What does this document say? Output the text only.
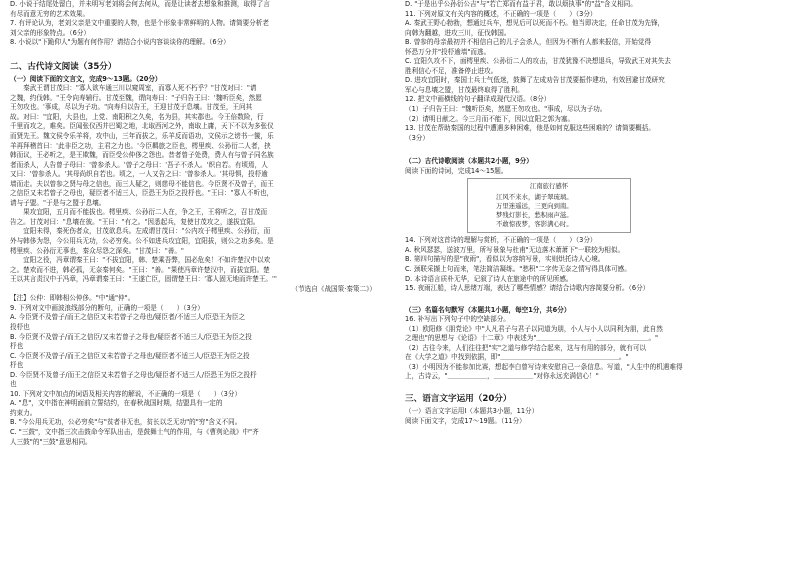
D. 小说于结尾处留白，并未明写老刘将会何去何从，而是让读者去想象和推测，取得了言
有尽而意无穷的艺术效果。
7. 有评论认为，老刘父亲是文中重要的人物，也是个形象非常鲜明的人物。请简要分析老
刘父亲的形象特点。（6分）
8. 小说以"下跪仰人"为题有何作用？请结合小说内容谈谈你的理解。（6分）
二、古代诗文阅读（35分）
（一）阅读下面的文言文，完成9～13题。（20分）
　　秦武王谓甘茂曰："寡人欲车通三川以窥周室，而寡人死不朽乎？"甘茂对曰："请
之魏，约伐韩。"王令向寿辅行。甘茂至魏，谓向寿曰："子归告王曰：'魏听臣矣，然愿
王勿攻也。'事成，尽以为子功。"向寿归以告王，王迎甘茂于息壤。甘茂至，王问其
故。对曰："宜阳，大县也，上党、南阳积之久矣，名为县，其实郡也。今王倍数险，行
千里而攻之，难矣。臣闻张仪西并巴蜀之地，北取西河之外，南取上庸，天下不以为多张仪
而贤先王。魏文侯令乐羊将，攻中山，三年而拔之，乐羊反而语功，文侯示之谤书一箧，乐
羊再拜稽首曰：'此非臣之功，主君之力也。'今臣羁旅之臣也，樗里疾、公孙衍二人者，挟
韩而议，王必听之，是王欺魏，而臣受公仲侈之怨也。昔者曾子处费，费人有与曾子同名族
者而杀人，人告曾子母曰：'曾参杀人。'曾子之母曰：'吾子不杀人。'织自若。有顷焉，人
又曰：'曾参杀人。'其母尚织自若也。顷之，一人又告之曰：'曾参杀人。'其母惧，投杼逾
墙而走。夫以曾参之贤与母之信也，而三人疑之，则慈母不能信也。今臣贤不及曾子，而王
之信臣又未若曾子之母也，疑臣者不适三人，臣恐王为臣之投杼也。"王曰："寡人不听也，
请与子盟。"于是与之盟于息壤。
　　果攻宜阳，五月而不能拔也。樗里疾、公孙衍二人在，争之王，王将听之，召甘茂而
告之。甘茂对曰："息壤在彼。"王曰："有之。"因悉起兵，复使甘茂攻之，遂拔宜阳。
　　宜阳未得，秦死伤者众，甘茂欲息兵。左成谓甘茂曰："公内攻于樗里疾、公孙衍，而
外与韩侈为怨，今公用兵无功，公必穷矣。公不如进兵攻宜阳，宜阳拔，则公之功多矣。是
樗里疾、公孙衍无事也，秦众尽怨之深矣。"甘茂曰："善。"
　　宜阳之役，冯章谓秦王曰："不拔宜阳，韩、楚乘吾弊，国必危矣！不如许楚汉中以欢
之。楚欢而不进，韩必孤，无奈秦何矣。"王曰："善。"果使冯章许楚汉中，而拔宜阳。楚
王以其言责汉中于冯章，冯章谓秦王曰："王遂亡臣，固谓楚王曰：'寡人固无地而许楚王。'"
（节选自《战国策·秦策二》）
【注】公仲：即韩相公仲侈。"中"通"仲"。
9. 下列对文中画波浪线部分的断句，正确的一项是（　　）（3分）
A. 今臣贤不及曾子/而王之信臣又未若曾子之母也/疑臣者/不适三人/臣恐王为臣之
投杼也
B. 今臣贤不及曾子/而王之信臣/又未若曾子之母也/疑臣者不适三人/臣恐王为臣之投
杼也
C. 今臣贤不及曾子/而王之信臣又未若曾子之母也/疑臣者不适三人/臣恐王为臣之投
杼也
D. 今臣贤不及曾子/而王之信臣又未若曾子之母也/疑臣者不适三人/臣恐王为臣之投杼
也
10. 下列对文中加点的词语及相关内容的解说，不正确的一项是（　　）（3分）
A. "息"，文中指在神明面前立誓结约，在春秋战国时期，结盟具有一定的
约束力。
B. "今公用兵无功，公必穷矣"与"贫者非无也，贫长以乏无功"的"穷"含义不同。
C. "三鼓"，文中指三次击鼓命令军队出击，是鼓舞士气的作用，与《曹刿论战》中"齐
人三鼓"的"三鼓"意思相同。
D. "于是出乎公孙衍公吉"与"若亡郑而有益于君，敢以烦执事"的"益"含义相同。
11. 下列对原文有关内容的概述，不正确的一项是（　　）（3分）
A. 秦武王野心勃勃，想通过兵车，想见后可以死而不朽。他当即决定，任命甘茂为先锋，
向韩为翻越，进攻三川，征伐韩国。
B. 曾参的母亲最初并不相信自己的儿子会杀人，但因为不断有人都来报信，开始觉得
怀恐万分并"投杼逾墙"而逃。
C. 宜阳久攻不下，面樗里疾、公孙衍二人的攻击，甘茂犹豫不决想退兵，导致武王对其失去
胜利信心不足，准备停止进攻。
D. 进攻宜阳时，秦国士兵士气低迷，鼓舞了左成劝告甘茂要振作建功，有效回避甘茂研究
军心与息壤之盟，甘茂最终取得了胜利。
12. 把文中画横线的句子翻译成现代汉语。（8分）
（1）子归告王曰："魏听臣矣，然愿王勿攻也。"事成，尽以为子功。
（2）请明日献之。今三月而不能下，因以宜阳之郭为塞。
13. 甘茂在帮助秦国的过程中遭遇多种困难，他是如何克服这些困难的？请简要概括。
（3分）
（二）古代诗歌阅读（本题共2小题，9分）
阅读下面的诗词，完成14～15题。
江南旅行感怀
江风不来水，湖子翠琉璃。
万里迷遥远，三更向到南。
梦残灯影长，愁积雨声滋。
不敢惊夜梦，客影满心时。
14. 下列对这首诗的理解与赏析，不正确的一项是（　　）（3分）
A. 秋风瑟瑟，送波万里，所写景象与杜甫"无边落木萧萧下"一联较为相似。
B. 第四句描写的是"夜雨"，看似以为容纳写景，实则烘托诗人心境。
C. 颈联采撷上句而来，笔法简洁凝练。"愁积"二字传无奈之情写得具体可感。
D. 本诗语言质朴无华，记叙了诗人在旅途中的所见所感。
15. 夜雨江船，诗人思绪万端，表达了哪些情感？请结合诗歌内容简要分析。（6分）
（三）名篇名句默写（本题共1小题，每空1分，共6分）
16. 补写出下列句子中的空缺部分。
（1）欧阳修《朋党论》中"人凡君子与君子以同道为朋，小人与小人以同利为朋，此自然
之理也"的思想与《论语》十二章》中表述为"＿＿＿＿＿＿＿＿，＿＿＿＿＿＿＿＿。"
（2）古往今来，人们往往把"实"之道与修学结合起来，这与有用的部分，就有可以
在《大学之道》中找到依据，即"＿＿＿＿＿＿＿＿＿＿＿＿＿＿＿＿＿＿。"
（3）小明因为不能参加比赛，想起李白曾写诗来安慰自己一条信息。写道，"人生中的机遇难得
上，古诗云，"＿＿＿＿＿＿，＿＿＿＿＿＿"对你永远充满信心！"
三、语言文字运用（20分）
（一）语言文字运用Ⅰ（本题共3小题，11分）
阅读下面文字，完成17～19题。（11分）
